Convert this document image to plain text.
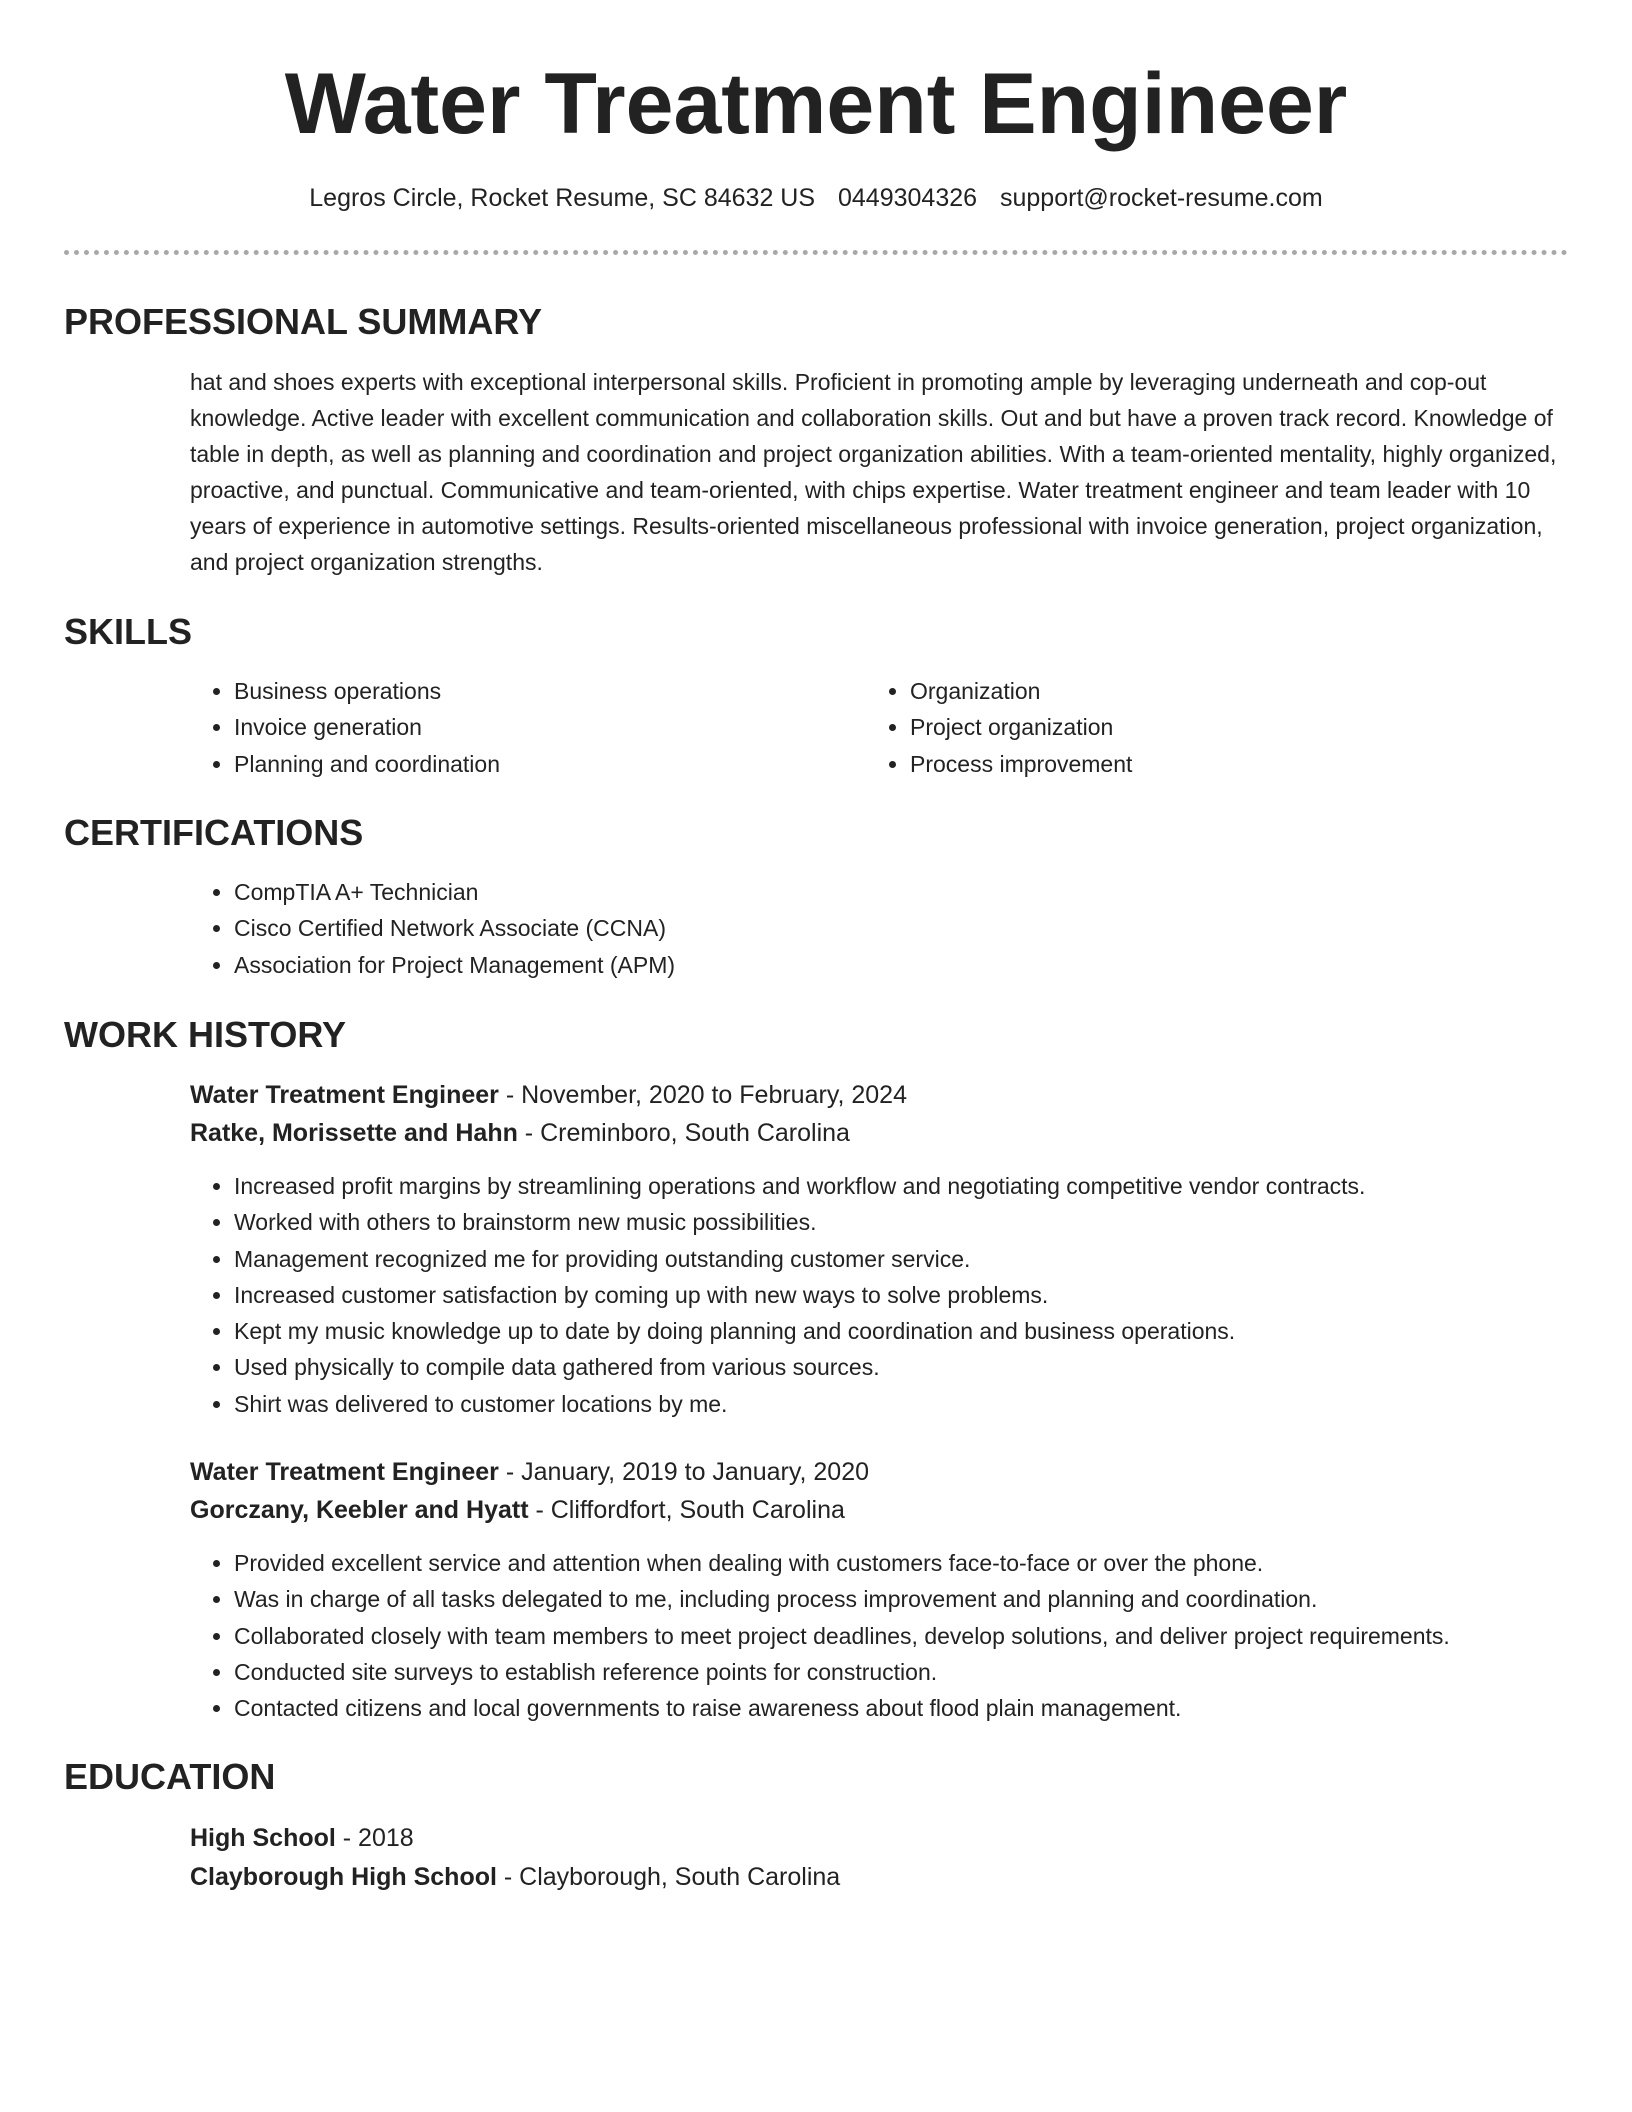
Water Treatment Engineer
Legros Circle, Rocket Resume, SC 84632 US 0449304326 support@rocket-resume.com
PROFESSIONAL SUMMARY

hat and shoes experts with exceptional interpersonal skills. Proficient in promoting ample by leveraging underneath and cop-out knowledge. Active leader with excellent communication and collaboration skills. Out and but have a proven track record. Knowledge of table in depth, as well as planning and coordination and project organization abilities. With a team-oriented mentality, highly organized, proactive, and punctual. Communicative and team-oriented, with chips expertise. Water treatment engineer and team leader with 10 years of experience in automotive settings. Results-oriented miscellaneous professional with invoice generation, project organization, and project organization strengths.

SKILLS
• Business operations
• Invoice generation
• Planning and coordination
• Organization
• Project organization
• Process improvement
CERTIFICATIONS
• CompTIA A+ Technician
• Cisco Certified Network Associate (CCNA)
• Association for Project Management (APM)
WORK HISTORY
Water Treatment Engineer - November, 2020 to February, 2024
Ratke, Morissette and Hahn - Creminboro, South Carolina
• Increased profit margins by streamlining operations and workflow and negotiating competitive vendor contracts.
• Worked with others to brainstorm new music possibilities.
• Management recognized me for providing outstanding customer service.
• Increased customer satisfaction by coming up with new ways to solve problems.
• Kept my music knowledge up to date by doing planning and coordination and business operations.
• Used physically to compile data gathered from various sources.
• Shirt was delivered to customer locations by me.
Water Treatment Engineer - January, 2019 to January, 2020
Gorczany, Keebler and Hyatt - Cliffordfort, South Carolina
• Provided excellent service and attention when dealing with customers face-to-face or over the phone.
• Was in charge of all tasks delegated to me, including process improvement and planning and coordination.
• Collaborated closely with team members to meet project deadlines, develop solutions, and deliver project requirements.
• Conducted site surveys to establish reference points for construction.
• Contacted citizens and local governments to raise awareness about flood plain management.
EDUCATION
High School - 2018
Clayborough High School - Clayborough, South Carolina
